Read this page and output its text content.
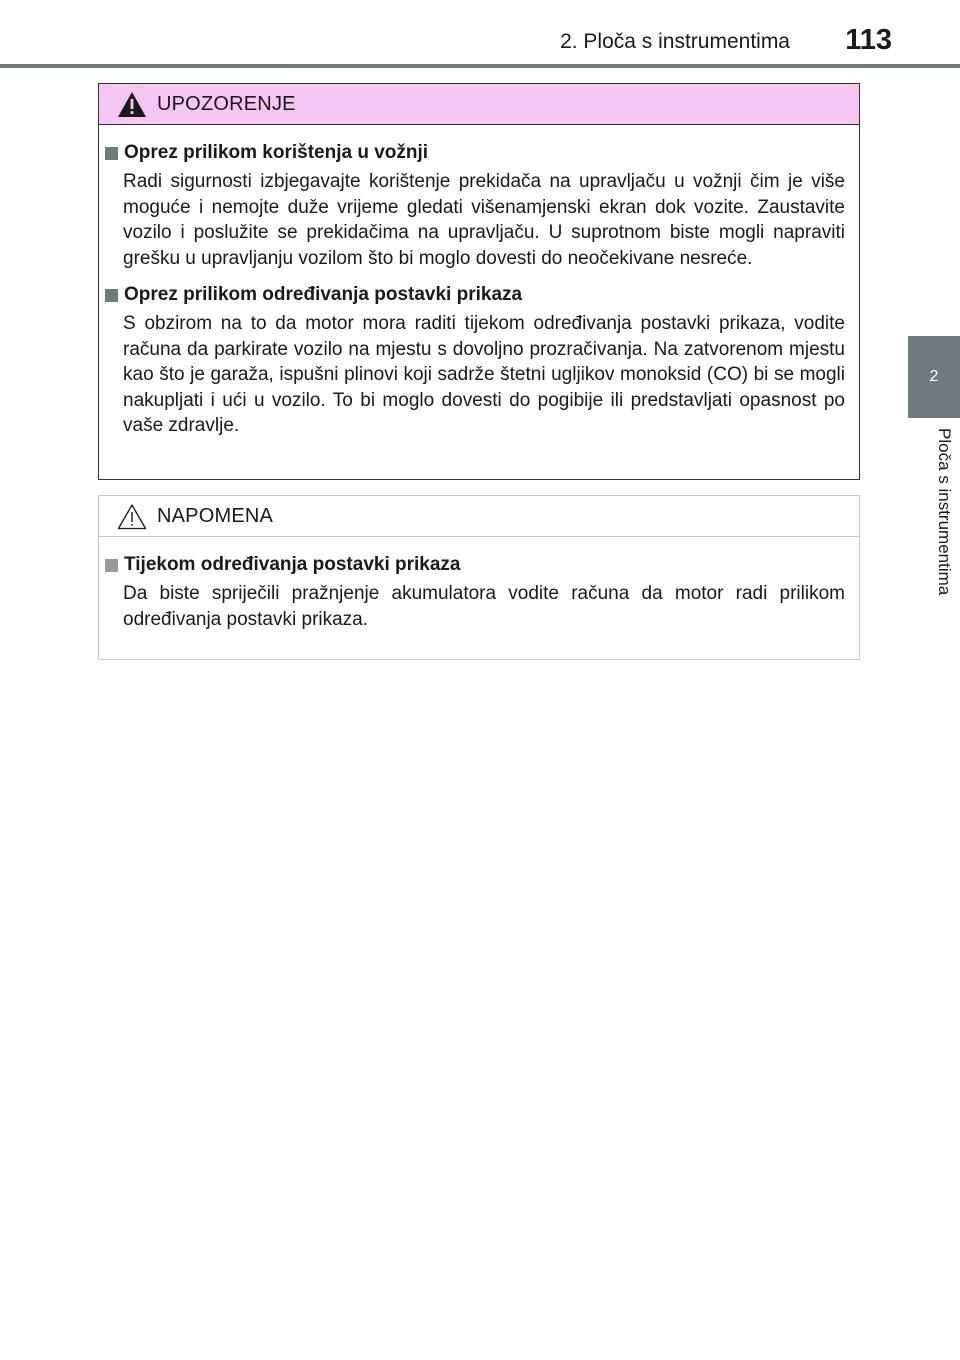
2. Ploča s instrumentima 113
2
Ploča s instrumentima
UPOZORENJE
Oprez prilikom korištenja u vožnji

Radi sigurnosti izbjegavajte korištenje prekidača na upravljaču u vožnji čim je više moguće i nemojte duže vrijeme gledati višenamjenski ekran dok vozite. Zaustavite vozilo i poslužite se prekidačima na upravljaču. U suprotnom biste mogli napraviti grešku u upravljanju vozilom što bi moglo dovesti do neočekivane nesreće.

Oprez prilikom određivanja postavki prikaza

S obzirom na to da motor mora raditi tijekom određivanja postavki prikaza, vodite računa da parkirate vozilo na mjestu s dovoljno prozračivanja. Na zatvorenom mjestu kao što je garaža, ispušni plinovi koji sadrže štetni ugljikov monoksid (CO) bi se mogli nakupljati i ući u vozilo. To bi moglo dovesti do pogibije ili predstavljati opasnost po vaše zdravlje.

NAPOMENA
Tijekom određivanja postavki prikaza

Da biste spriječili pražnjenje akumulatora vodite računa da motor radi prilikom određivanja postavki prikaza.
